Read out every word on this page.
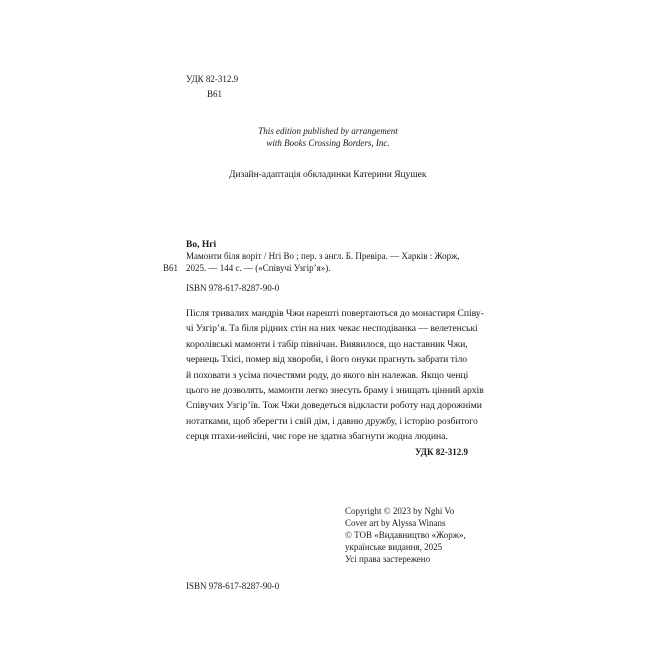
УДК 82-312.9
В61
This edition published by arrangement
with Books Crossing Borders, Inc.
Дизайн-адаптація обкладинки Катерини Яцушек
Во, Нгі
В61
Мамонти біля воріт / Нгі Во ; пер. з англ. Б. Превіра. — Харків : Жорж,
2025. — 144 с. — («Співучі Узгір’я»).
ISBN 978-617-8287-90-0
Після тривалих мандрів Чжи нарешті повертаються до монастиря Співу-
чі Узгір’я. Та біля рідних стін на них чекає несподіванка — велетенські
королівські мамонти і табір північан. Виявилося, що наставник Чжи,
чернець Тхісі, помер від хвороби, і його онуки прагнуть забрати тіло
й поховати з усіма почестями роду, до якого він належав. Якщо ченці
цього не дозволять, мамонти легко знесуть браму і знищать цінний архів
Співучих Узгір’їв. Тож Чжи доведеться відкласти роботу над дорожніми
нотатками, щоб зберегти і свій дім, і давню дружбу, і історію розбитого
серця птахи-нейсіні, чиє горе не здатна збагнути жодна людина.
УДК 82-312.9
ISBN 978-617-8287-90-0
Copyright © 2023 by Nghi Vo
Cover art by Alyssa Winans
© ТОВ «Видавництво «Жорж»,
українське видання, 2025
Усі права застережено
